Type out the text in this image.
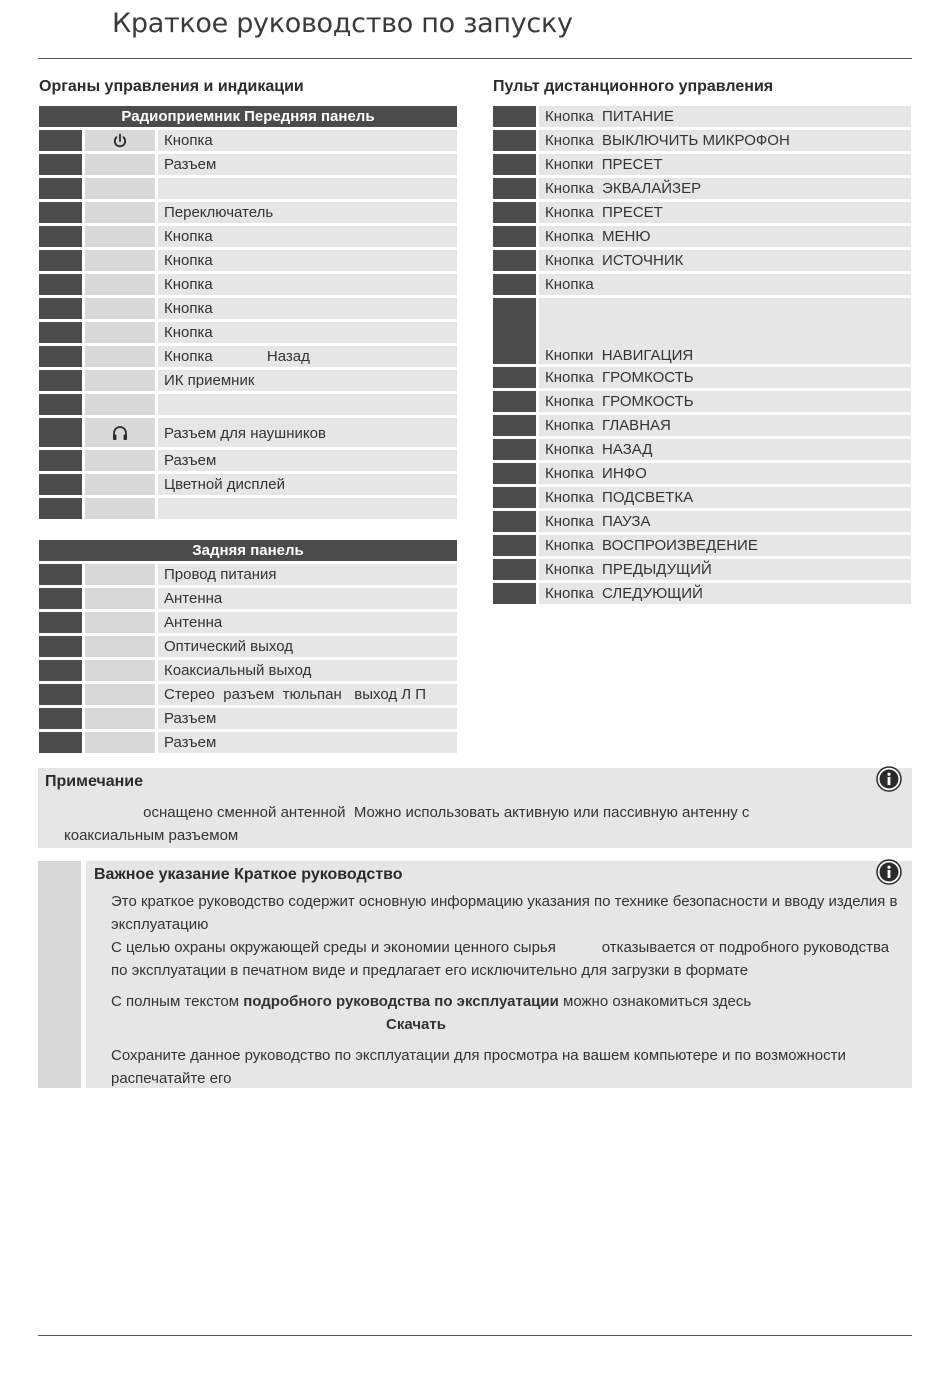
Краткое руководство по запуску
Органы управления и индикации	Пульт дистанционного управления
Радиоприемник Передняя панель
Кнопка
Разъем
Переключатель
Кнопка
Кнопка
Кнопка
Кнопка
Кнопка
Кнопка             Назад
ИК приемник
Разъем для наушников
Разъем
Цветной дисплей
Задняя панель
Провод питания
Антенна
Антенна
Оптический выход
Коаксиальный выход
Стерео  разъем  тюльпан   выход Л П
Разъем
Разъем
Кнопка  ПИТАНИЕ
Кнопка  ВЫКЛЮЧИТЬ МИКРОФОН
Кнопки  ПРЕСЕТ
Кнопка  ЭКВАЛАЙЗЕР
Кнопка  ПРЕСЕТ
Кнопка  МЕНЮ
Кнопка  ИСТОЧНИК
Кнопка

Кнопки  НАВИГАЦИЯ

Кнопка  ГРОМКОСТЬ
Кнопка  ГРОМКОСТЬ
Кнопка  ГЛАВНАЯ
Кнопка  НАЗАД
Кнопка  ИНФО
Кнопка  ПОДСВЕТКА
Кнопка  ПАУЗА
Кнопка  ВОСПРОИЗВЕДЕНИЕ
Кнопка  ПРЕДЫДУЩИЙ
Кнопка  СЛЕДУЮЩИЙ
Примечание
оснащено сменной антенной  Можно использовать активную или пассивную антенну с
коаксиальным разъемом
Важное указание Краткое руководство

Это краткое руководство содержит основную информацию указания по технике безопасности и вводу изделия в эксплуатацию

С целью охраны окружающей среды и экономии ценного сырья           отказывается от подробного руководства по эксплуатации в печатном виде и предлагает его исключительно для загрузки в формате

С полным текстом подробного руководства по эксплуатации можно ознакомиться здесь

Скачать

Сохраните данное руководство по эксплуатации для просмотра на вашем компьютере и по возможности распечатайте его
